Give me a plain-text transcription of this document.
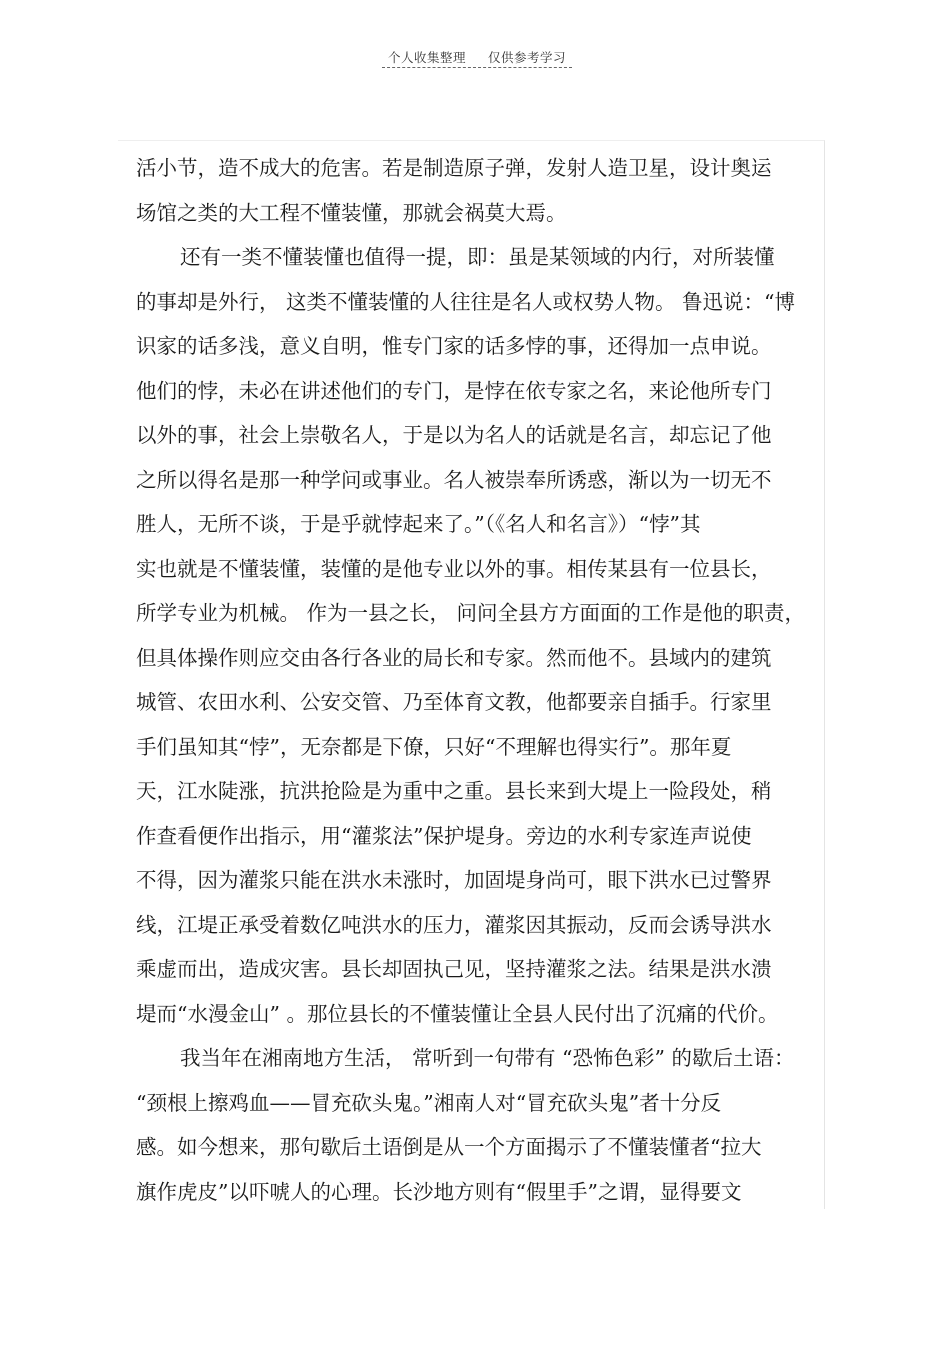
个人收集整理 仅供参考学习
活小节，造不成大的危害。若是制造原子弹，发射人造卫星，设计奥运
场馆之类的大工程不懂装懂，那就会祸莫大焉。
还有一类不懂装懂也值得一提，即：虽是某领域的内行，对所装懂
的事却是外行， 这类不懂装懂的人往往是名人或权势人物。 鲁迅说：“博
识家的话多浅，意义自明，惟专门家的话多悖的事，还得加一点申说。
他们的悖，未必在讲述他们的专门，是悖在依专家之名，来论他所专门
以外的事，社会上崇敬名人，于是以为名人的话就是名言，却忘记了他
之所以得名是那一种学问或事业。名人被崇奉所诱惑，渐以为一切无不
胜人，无所不谈，于是乎就悖起来了。”（《名人和名言》）“悖”其
实也就是不懂装懂，装懂的是他专业以外的事。相传某县有一位县长，
所学专业为机械。 作为一县之长， 问问全县方方面面的工作是他的职责，
但具体操作则应交由各行各业的局长和专家。然而他不。县域内的建筑
城管、农田水利、公安交管、乃至体育文教，他都要亲自插手。行家里
手们虽知其“悖”，无奈都是下僚，只好“不理解也得实行”。那年夏
天，江水陡涨，抗洪抢险是为重中之重。县长来到大堤上一险段处，稍
作查看便作出指示，用“灌浆法”保护堤身。旁边的水利专家连声说使
不得，因为灌浆只能在洪水未涨时，加固堤身尚可，眼下洪水已过警界
线，江堤正承受着数亿吨洪水的压力，灌浆因其振动，反而会诱导洪水
乘虚而出，造成灾害。县长却固执己见，坚持灌浆之法。结果是洪水溃
堤而“水漫金山” 。那位县长的不懂装懂让全县人民付出了沉痛的代价。
我当年在湘南地方生活， 常听到一句带有 “恐怖色彩” 的歇后土语：
“颈根上擦鸡血——冒充砍头鬼。”湘南人对“冒充砍头鬼”者十分反
感。如今想来，那句歇后土语倒是从一个方面揭示了不懂装懂者“拉大
旗作虎皮”以吓唬人的心理。长沙地方则有“假里手”之谓，显得要文
